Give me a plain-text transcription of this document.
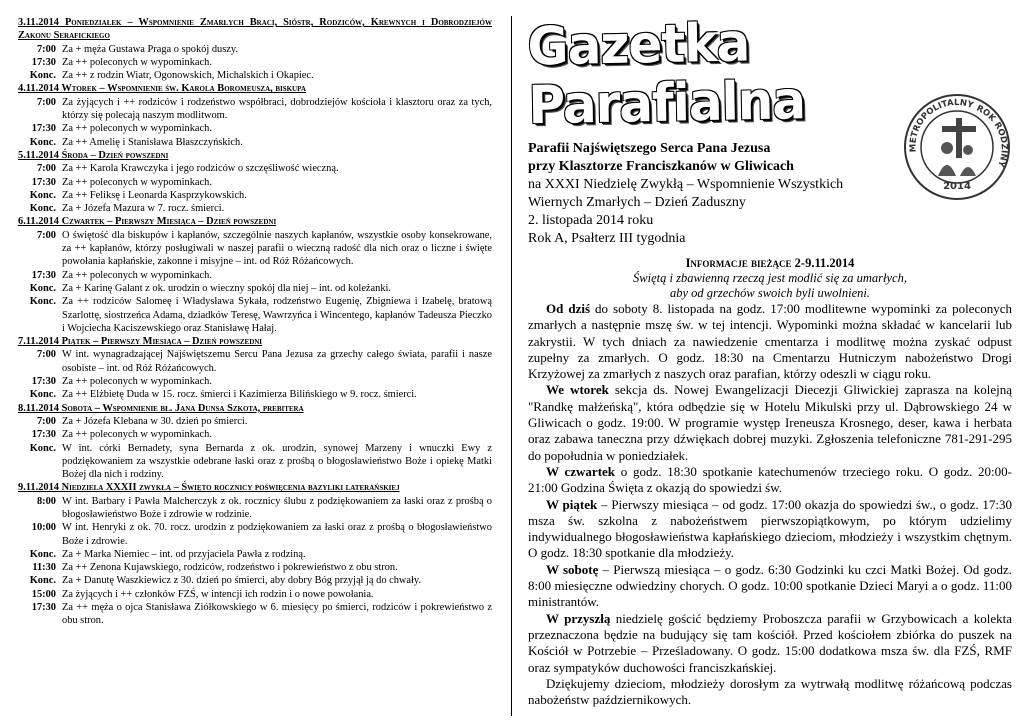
3.11.2014 Poniedziałek – Wspomnienie Zmarłych Braci, Sióstr, Rodziców, Krewnych i Dobrodziejów Zakonu Serafickiego
7:00 Za + męża Gustawa Praga o spokój duszy.
17:30 Za ++ poleconych w wypominkach.
Konc. Za ++ z rodzin Wiatr, Ogonowskich, Michalskich i Okapiec.
4.11.2014 Wtorek – Wspomnienie św. Karola Boromeusza, biskupa
7:00 Za żyjących i ++ rodziców i rodzeństwo współbraci, dobrodziejów kościoła i klasztoru oraz za tych, którzy się polecają naszym modlitwom.
17:30 Za ++ poleconych w wypominkach.
Konc. Za ++ Amelię i Stanisława Błaszczyńskich.
5.11.2014 Środa – Dzień powszedni
7:00 Za ++ Karola Krawczyka i jego rodziców o szczęśliwość wieczną.
17:30 Za ++ poleconych w wypominkach.
Konc. Za ++ Feliksę i Leonarda Kasprzykowskich.
Konc. Za + Józefa Mazura w 7. rocz. śmierci.
6.11.2014 Czwartek – Pierwszy Miesiąca – Dzień powszedni
7:00 O świętość dla biskupów i kapłanów, szczególnie naszych kapłanów, wszystkie osoby konsekrowane, za ++ kapłanów, którzy posługiwali w naszej parafii o wieczną radość dla nich oraz o liczne i święte powołania kapłańskie, zakonne i misyjne – int. od Róż Różańcowych.
17:30 Za ++ poleconych w wypominkach.
Konc. Za + Karinę Galant z ok. urodzin o wieczny spokój dla niej – int. od koleżanki.
Konc. Za ++ rodziców Salomeę i Władysława Sykała, rodzeństwo Eugenię, Zbigniewa i Izabelę, bratową Szarlottę, siostrzeńca Adama, dziadków Teresę, Wawrzyńca i Wincentego, kapłanów Tadeusza Pieczko i Wojciecha Kaciszewskiego oraz Stanisławę Hałaj.
7.11.2014 Piątek – Pierwszy Miesiąca – Dzień powszedni
7:00 W int. wynagradzającej Najświętszemu Sercu Pana Jezusa za grzechy całego świata, parafii i nasze osobiste – int. od Róż Różańcowych.
17:30 Za ++ poleconych w wypominkach.
Konc. Za ++ Elżbietę Duda w 15. rocz. śmierci i Kazimierza Bilińskiego w 9. rocz. śmierci.
8.11.2014 Sobota – Wspomnienie bł. Jana Dunsa Szkota, prebitera
7:00 Za + Józefa Klebana w 30. dzień po śmierci.
17:30 Za ++ poleconych w wypominkach.
Konc. W int. córki Bernadety, syna Bernarda z ok. urodzin, synowej Marzeny i wnuczki Ewy z podziękowaniem za wszystkie odebrane łaski oraz z prośbą o błogosławieństwo Boże i opiekę Matki Bożej dla nich i rodziny.
9.11.2014 Niedziela XXXII zwykła – Święto rocznicy poświęcenia bazyliki laterańskiej
8:00 W int. Barbary i Pawła Malcherczyk z ok. rocznicy ślubu z podziękowaniem za łaski oraz z prośbą o błogosławieństwo Boże i zdrowie w rodzinie.
10:00 W int. Henryki z ok. 70. rocz. urodzin z podziękowaniem za łaski oraz z prośbą o błogosławieństwo Boże i zdrowie.
Konc. Za + Marka Niemiec – int. od przyjaciela Pawła z rodziną.
11:30 Za ++ Zenona Kujawskiego, rodziców, rodzeństwo i pokrewieństwo z obu stron.
Konc. Za + Danutę Waszkiewicz z 30. dzień po śmierci, aby dobry Bóg przyjął ją do chwały.
15:00 Za żyjących i ++ członków FZŚ, w intencji ich rodzin i o nowe powołania.
17:30 Za ++ męża o ojca Stanisława Ziółkowskiego w 6. miesięcy po śmierci, rodziców i pokrewieństwo z obu stron.
Gazetka Parafialna
METROPOLITALNY ROK RODZINY
2014
Parafii Najświętszego Serca Pana Jezusa
przy Klasztorze Franciszkanów w Gliwicach
na XXXI Niedzielę Zwykłą – Wspomnienie Wszystkich
Wiernych Zmarłych – Dzień Zaduszny
2. listopada 2014 roku
Rok A, Psałterz III tygodnia
Informacje bieżące 2-9.11.2014
Świętą i zbawienną rzeczą jest modlić się za umarłych,
aby od grzechów swoich byli uwolnieni.

Od dziś do soboty 8. listopada na godz. 17:00 modlitewne wypominki za poleconych zmarłych a następnie mszę św. w tej intencji. Wypominki można składać w kancelarii lub zakrystii. W tych dniach za nawiedzenie cmentarza i modlitwę można zyskać odpust zupełny za zmarłych. O godz. 18:30 na Cmentarzu Hutniczym nabożeństwo Drogi Krzyżowej za zmarłych z naszych oraz parafian, którzy odeszli w ciągu roku.

We wtorek sekcja ds. Nowej Ewangelizacji Diecezji Gliwickiej zaprasza na kolejną "Randkę małżeńską", która odbędzie się w Hotelu Mikulski przy ul. Dąbrowskiego 24 w Gliwicach o godz. 19:00. W programie występ Ireneusza Krosnego, deser, kawa i herbata oraz zabawa taneczna przy dźwiękach dobrej muzyki. Zgłoszenia telefoniczne 781-291-295 do popołudnia w poniedziałek.

W czwartek o godz. 18:30 spotkanie katechumenów trzeciego roku. O godz. 20:00-21:00 Godzina Święta z okazją do spowiedzi św.

W piątek – Pierwszy miesiąca – od godz. 17:00 okazja do spowiedzi św., o godz. 17:30 msza św. szkolna z nabożeństwem pierwszopiątkowym, po którym udzielimy indywidualnego błogosławieństwa kapłańskiego dzieciom, młodzieży i wszystkim chętnym. O godz. 18:30 spotkanie dla młodzieży.

W sobotę – Pierwszą miesiąca – o godz. 6:30 Godzinki ku czci Matki Bożej. Od godz. 8:00 miesięczne odwiedziny chorych. O godz. 10:00 spotkanie Dzieci Maryi a o godz. 11:00 ministrantów.

W przyszłą niedzielę gościć będziemy Proboszcza parafii w Grzybowicach a kolekta przeznaczona będzie na budujący się tam kościół. Przed kościołem zbiórka do puszek na Kościół w Potrzebie – Prześladowany. O godz. 15:00 dodatkowa msza św. dla FZŚ, RMF oraz sympatyków duchowości franciszkańskiej.

Dziękujemy dzieciom, młodzieży dorosłym za wytrwałą modlitwę różańcową podczas nabożeństw październikowych.
